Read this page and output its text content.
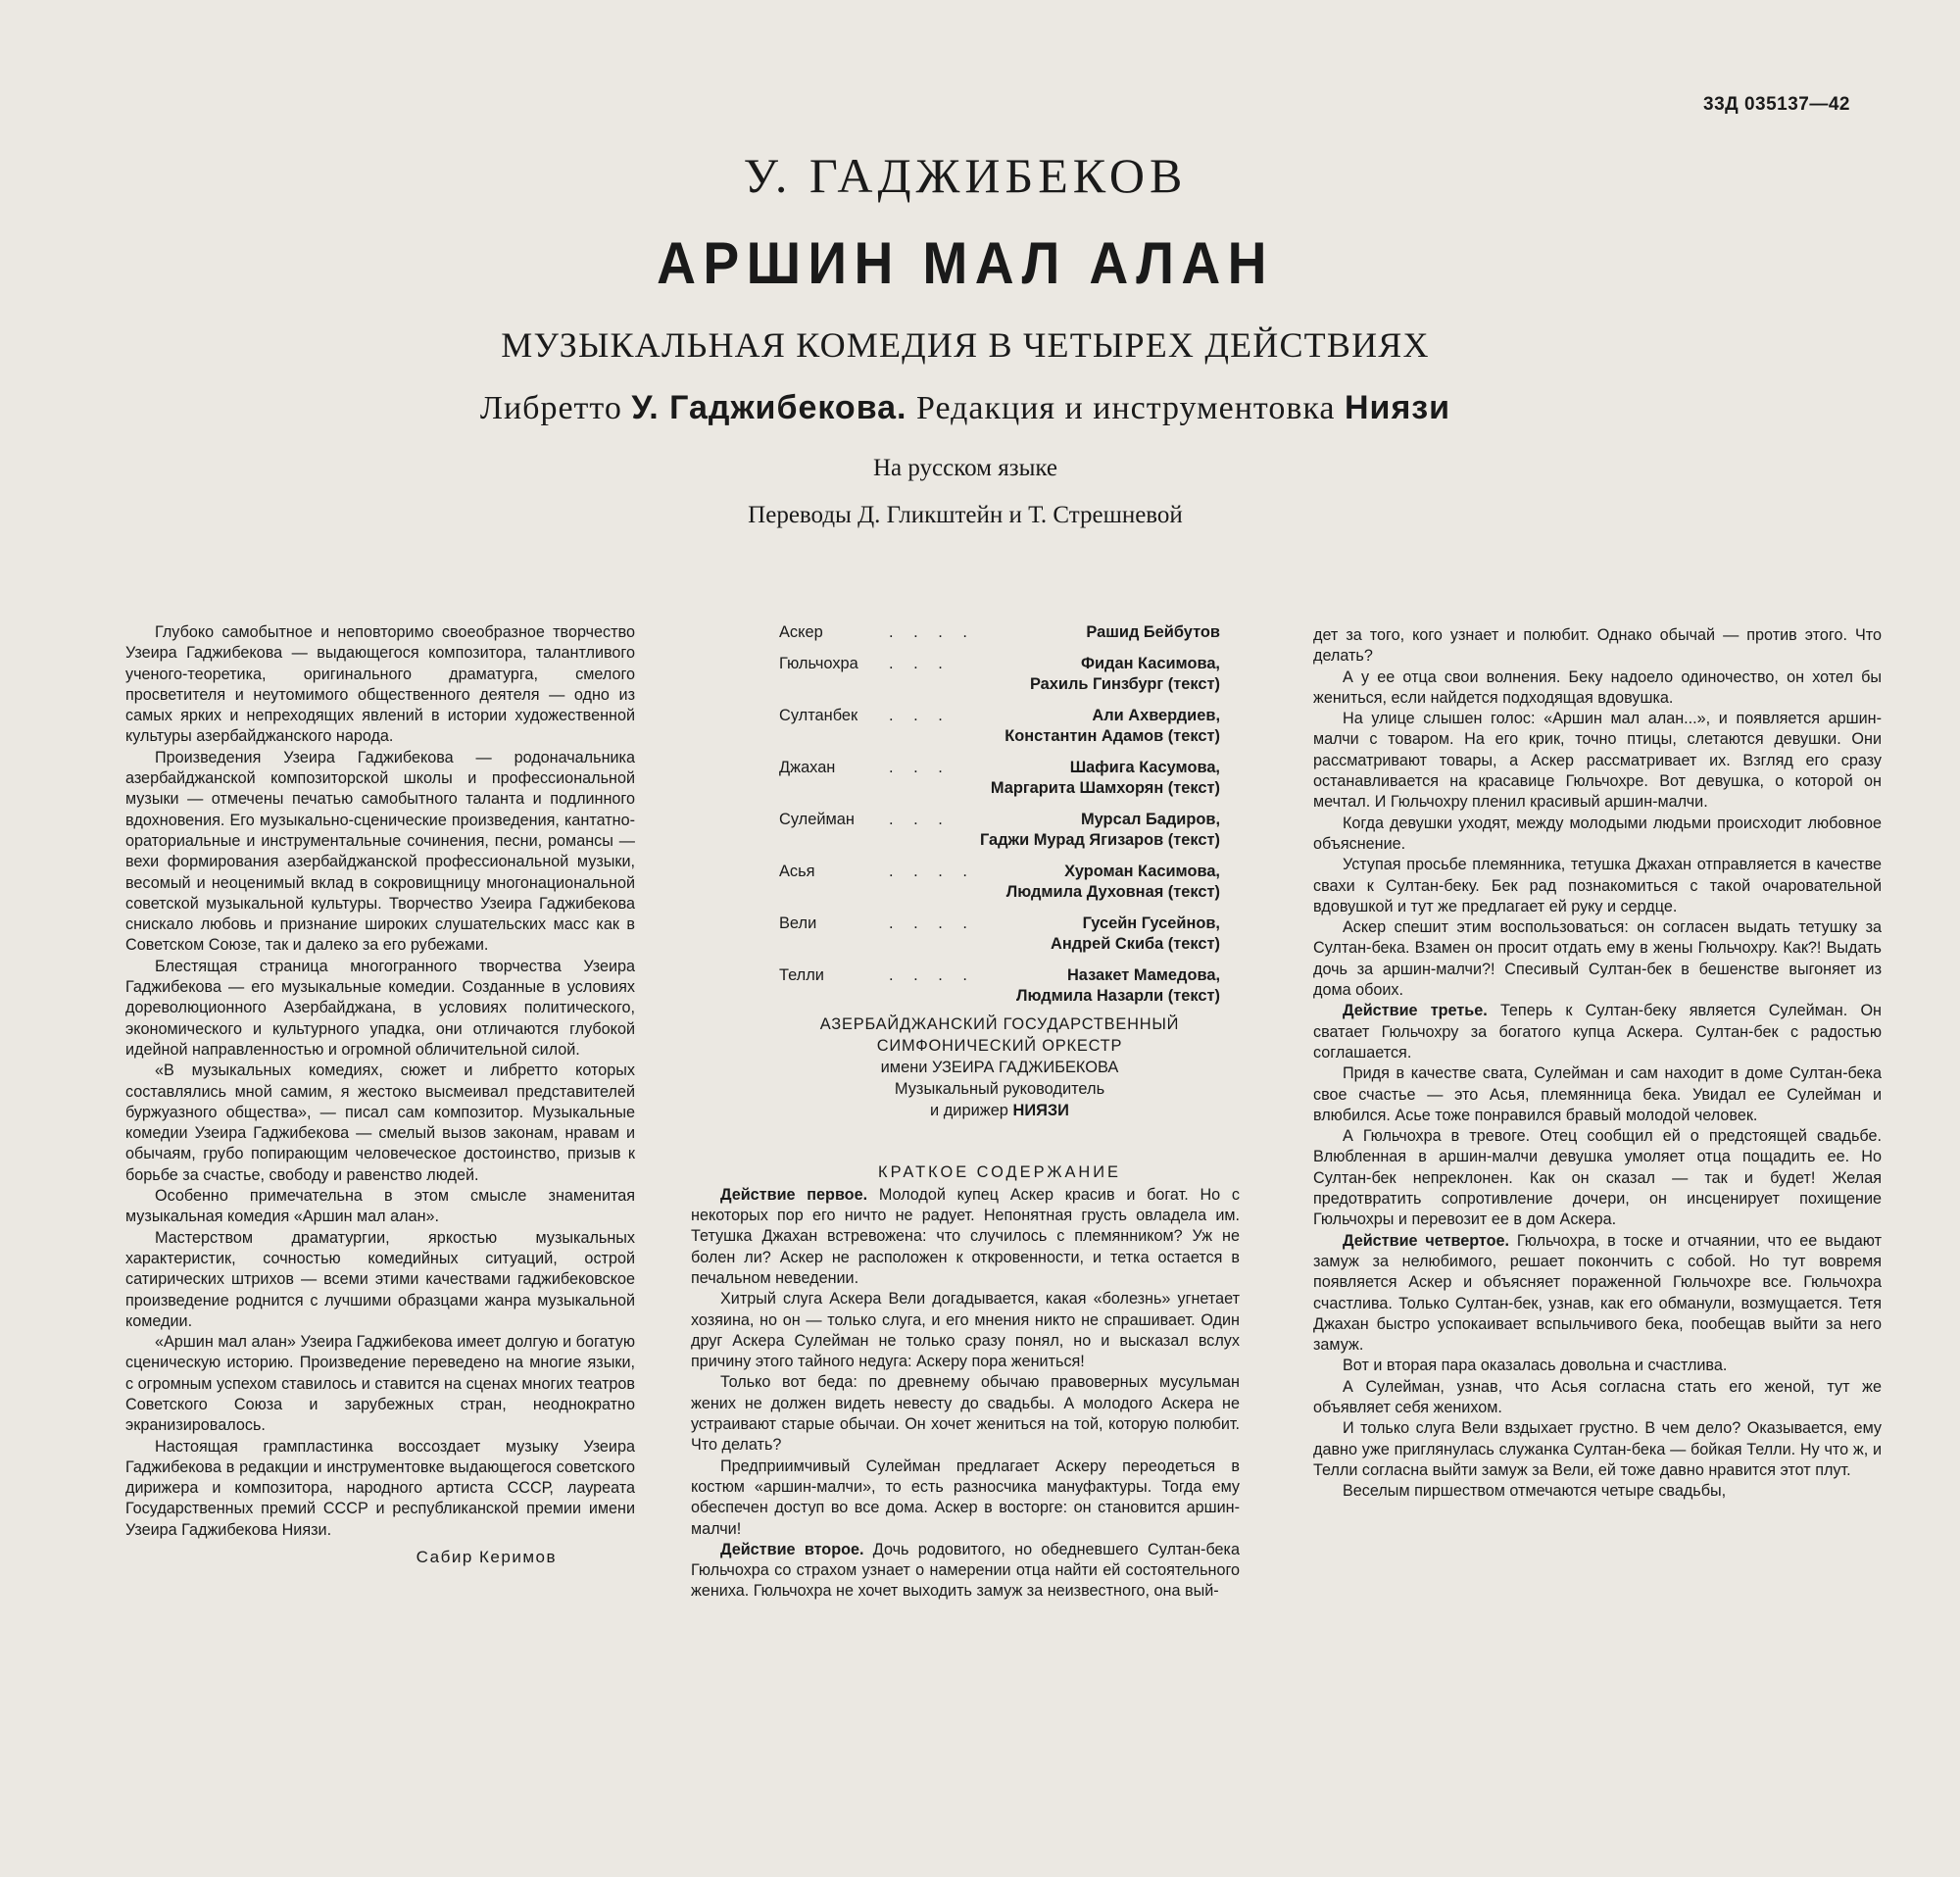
33Д 035137—42
У. ГАДЖИБЕКОВ
АРШИН МАЛ АЛАН
МУЗЫКАЛЬНАЯ КОМЕДИЯ В ЧЕТЫРЕХ ДЕЙСТВИЯХ
Либретто У. Гаджибекова. Редакция и инструментовка Ниязи
На русском языке
Переводы Д. Гликштейн и Т. Стрешневой

Глубоко самобытное и неповторимо своеобразное творчество Узеира Гаджибекова — выдающегося композитора, талантливого ученого-теоретика, оригинального драматурга, смелого просветителя и неутомимого общественного деятеля — одно из самых ярких и непреходящих явлений в истории художественной культуры азербайджанского народа.

Произведения Узеира Гаджибекова — родоначальника азербайджанской композиторской школы и профессиональной музыки — отмечены печатью самобытного таланта и подлинного вдохновения. Его музыкально-сценические произведения, кантатно-ораториальные и инструментальные сочинения, песни, романсы — вехи формирования азербайджанской профессиональной музыки, весомый и неоценимый вклад в сокровищницу многонациональной советской музыкальной культуры. Творчество Узеира Гаджибекова снискало любовь и признание широких слушательских масс как в Советском Союзе, так и далеко за его рубежами.

Блестящая страница многогранного творчества Узеира Гаджибекова — его музыкальные комедии. Созданные в условиях дореволюционного Азербайджана, в условиях политического, экономического и культурного упадка, они отличаются глубокой идейной направленностью и огромной обличительной силой.

«В музыкальных комедиях, сюжет и либретто которых составлялись мной самим, я жестоко высмеивал представителей буржуазного общества», — писал сам композитор. Музыкальные комедии Узеира Гаджибекова — смелый вызов законам, нравам и обычаям, грубо попирающим человеческое достоинство, призыв к борьбе за счастье, свободу и равенство людей.

Особенно примечательна в этом смысле знаменитая музыкальная комедия «Аршин мал алан».

Мастерством драматургии, яркостью музыкальных характеристик, сочностью комедийных ситуаций, острой сатирических штрихов — всеми этими качествами гаджибековское произведение роднится с лучшими образцами жанра музыкальной комедии.

«Аршин мал алан» Узеира Гаджибекова имеет долгую и богатую сценическую историю. Произведение переведено на многие языки, с огромным успехом ставилось и ставится на сценах многих театров Советского Союза и зарубежных стран, неоднократно экранизировалось.

Настоящая грампластинка воссоздает музыку Узеира Гаджибекова в редакции и инструментовке выдающегося советского дирижера и композитора, народного артиста СССР, лауреата Государственных премий СССР и республиканской премии имени Узеира Гаджибекова Ниязи.

Сабир Керимов
Аскер	. . . .	Рашид Бейбутов

Гюльчохра	. . .	Фидан Касимова,
		Рахиль Гинзбург (текст)

Султанбек	. . .	Али Ахвердиев,
		Константин Адамов (текст)

Джахан	. . .	Шафига Касумова,
		Маргарита Шамхорян (текст)

Сулейман	. . .	Мурсал Бадиров,
		Гаджи Мурад Ягизаров (текст)

Асья	. . . .	Хуроман Касимова,
		Людмила Духовная (текст)

Вели	. . . .	Гусейн Гусейнов,
		Андрей Скиба (текст)

Телли	. . . .	Назакет Мамедова,
		Людмила Назарли (текст)
АЗЕРБАЙДЖАНСКИЙ ГОСУДАРСТВЕННЫЙ
СИМФОНИЧЕСКИЙ ОРКЕСТР
имени УЗЕИРА ГАДЖИБЕКОВА
Музыкальный руководитель
и дирижер НИЯЗИ
КРАТКОЕ СОДЕРЖАНИЕ

Действие первое. Молодой купец Аскер красив и богат. Но с некоторых пор его ничто не радует. Непонятная грусть овладела им. Тетушка Джахан встревожена: что случилось с племянником? Уж не болен ли? Аскер не расположен к откровенности, и тетка остается в печальном неведении.

Хитрый слуга Аскера Вели догадывается, какая «болезнь» угнетает хозяина, но он — только слуга, и его мнения никто не спрашивает. Один друг Аскера Сулейман не только сразу понял, но и высказал вслух причину этого тайного недуга: Аскеру пора жениться!

Только вот беда: по древнему обычаю правоверных мусульман жених не должен видеть невесту до свадьбы. А молодого Аскера не устраивают старые обычаи. Он хочет жениться на той, которую полюбит. Что делать?

Предприимчивый Сулейман предлагает Аскеру переодеться в костюм «аршин-малчи», то есть разносчика мануфактуры. Тогда ему обеспечен доступ во все дома. Аскер в восторге: он становится аршин-малчи!

Действие второе. Дочь родовитого, но обедневшего Султан-бека Гюльчохра со страхом узнает о намерении отца найти ей состоятельного жениха. Гюльчохра не хочет выходить замуж за неизвестного, она вый-

дет за того, кого узнает и полюбит. Однако обычай — против этого. Что делать?

А у ее отца свои волнения. Беку надоело одиночество, он хотел бы жениться, если найдется подходящая вдовушка.

На улице слышен голос: «Аршин мал алан...», и появляется аршин-малчи с товаром. На его крик, точно птицы, слетаются девушки. Они рассматривают товары, а Аскер рассматривает их. Взгляд его сразу останавливается на красавице Гюльчохре. Вот девушка, о которой он мечтал. И Гюльчохру пленил красивый аршин-малчи.

Когда девушки уходят, между молодыми людьми происходит любовное объяснение.

Уступая просьбе племянника, тетушка Джахан отправляется в качестве свахи к Султан-беку. Бек рад познакомиться с такой очаровательной вдовушкой и тут же предлагает ей руку и сердце.

Аскер спешит этим воспользоваться: он согласен выдать тетушку за Султан-бека. Взамен он просит отдать ему в жены Гюльчохру. Как?! Выдать дочь за аршин-малчи?! Спесивый Султан-бек в бешенстве выгоняет из дома обоих.

Действие третье. Теперь к Султан-беку является Сулейман. Он сватает Гюльчохру за богатого купца Аскера. Султан-бек с радостью соглашается.

Придя в качестве свата, Сулейман и сам находит в доме Султан-бека свое счастье — это Асья, племянница бека. Увидал ее Сулейман и влюбился. Асье тоже понравился бравый молодой человек.

А Гюльчохра в тревоге. Отец сообщил ей о предстоящей свадьбе. Влюбленная в аршин-малчи девушка умоляет отца пощадить ее. Но Султан-бек непреклонен. Как он сказал — так и будет! Желая предотвратить сопротивление дочери, он инсценирует похищение Гюльчохры и перевозит ее в дом Аскера.

Действие четвертое. Гюльчохра, в тоске и отчаянии, что ее выдают замуж за нелюбимого, решает покончить с собой. Но тут вовремя появляется Аскер и объясняет пораженной Гюльчохре все. Гюльчохра счастлива. Только Султан-бек, узнав, как его обманули, возмущается. Тетя Джахан быстро успокаивает вспыльчивого бека, пообещав выйти за него замуж.

Вот и вторая пара оказалась довольна и счастлива.

А Сулейман, узнав, что Асья согласна стать его женой, тут же объявляет себя женихом.

И только слуга Вели вздыхает грустно. В чем дело? Оказывается, ему давно уже приглянулась служанка Султан-бека — бойкая Телли. Ну что ж, и Телли согласна выйти замуж за Вели, ей тоже давно нравится этот плут.

Веселым пиршеством отмечаются четыре свадьбы,
